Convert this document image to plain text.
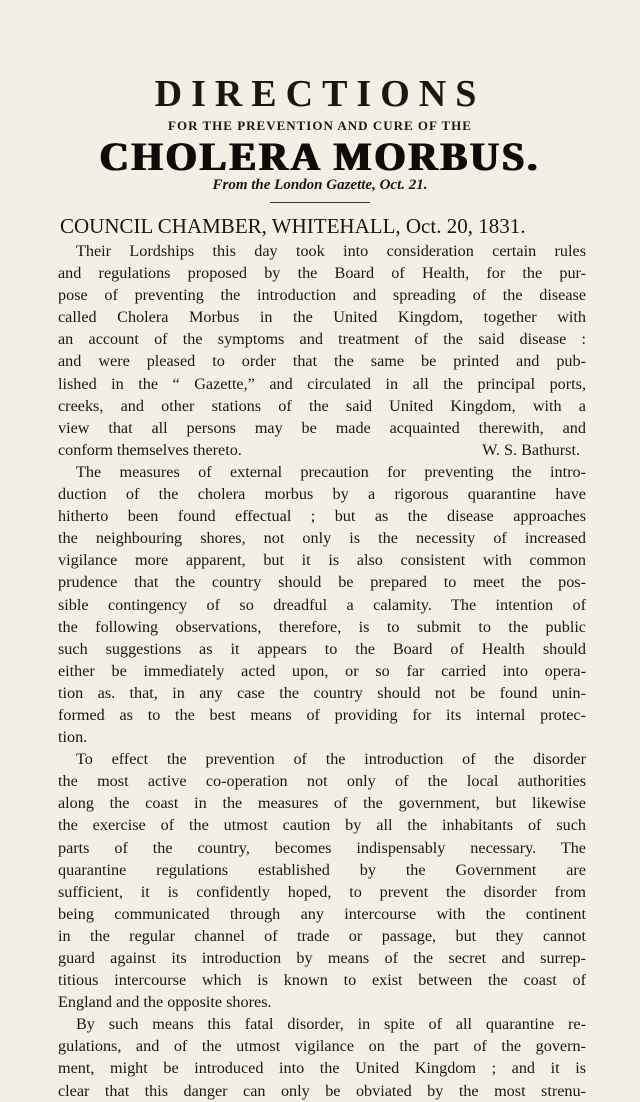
DIRECTIONS
FOR THE PREVENTION AND CURE OF THE
CHOLERA MORBUS.
From the London Gazette, Oct. 21.
COUNCIL CHAMBER, WHITEHALL, Oct. 20, 1831.
Their Lordships this day took into consideration certain rules
and regulations proposed by the Board of Health, for the pur-
pose of preventing the introduction and spreading of the disease
called Cholera Morbus in the United Kingdom, together with
an account of the symptoms and treatment of the said disease :
and were pleased to order that the same be printed and pub-
lished in the “ Gazette,” and circulated in all the principal ports,
creeks, and other stations of the said United Kingdom, with a
view that all persons may be made acquainted therewith, and
conform themselves thereto.	W. S. Bathurst.
The measures of external precaution for preventing the intro-
duction of the cholera morbus by a rigorous quarantine have
hitherto been found effectual ; but as the disease approaches
the neighbouring shores, not only is the necessity of increased
vigilance more apparent, but it is also consistent with common
prudence that the country should be prepared to meet the pos-
sible contingency of so dreadful a calamity. The intention of
the following observations, therefore, is to submit to the public
such suggestions as it appears to the Board of Health should
either be immediately acted upon, or so far carried into opera-
tion as. that, in any case the country should not be found unin-
formed as to the best means of providing for its internal protec-
tion.
To effect the prevention of the introduction of the disorder
the most active co-operation not only of the local authorities
along the coast in the measures of the government, but likewise
the exercise of the utmost caution by all the inhabitants of such
parts of the country, becomes indispensably necessary. The
quarantine regulations established by the Government are
sufficient, it is confidently hoped, to prevent the disorder from
being communicated through any intercourse with the continent
in the regular channel of trade or passage, but they cannot
guard against its introduction by means of the secret and surrep-
titious intercourse which is known to exist between the coast of
England and the opposite shores.
By such means this fatal disorder, in spite of all quarantine re-
gulations, and of the utmost vigilance on the part of the govern-
ment, might be introduced into the United Kingdom ; and it is
clear that this danger can only be obviated by the most strenu-
